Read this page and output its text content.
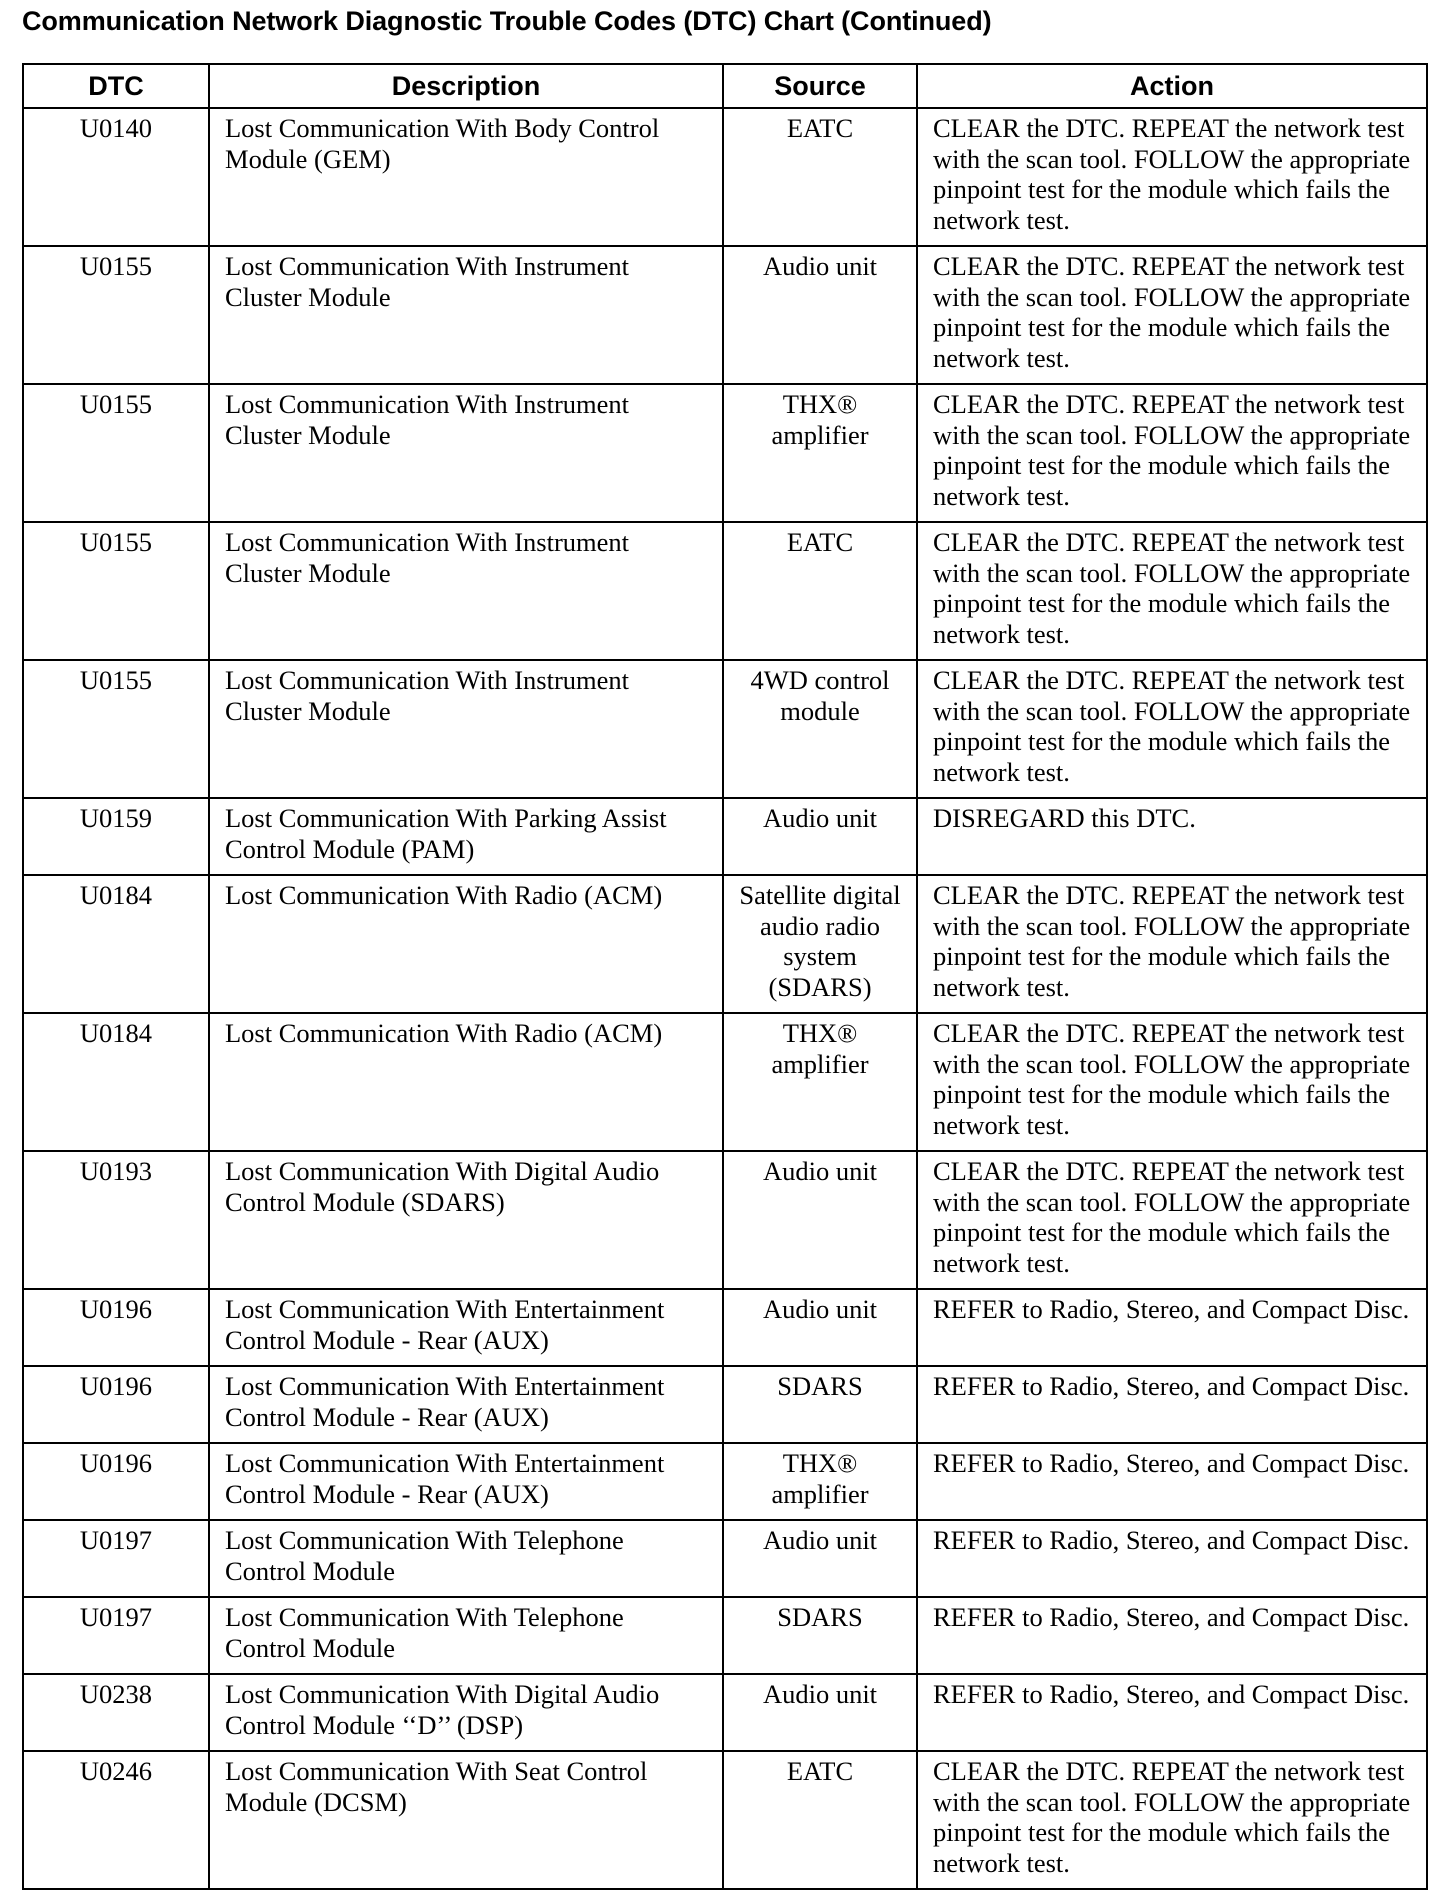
Communication Network Diagnostic Trouble Codes (DTC) Chart (Continued)
DTC	Description	Source	Action
U0140	Lost Communication With Body Control Module (GEM)	EATC	CLEAR the DTC. REPEAT the network test with the scan tool. FOLLOW the appropriate pinpoint test for the module which fails the network test.
U0155	Lost Communication With Instrument Cluster Module	Audio unit	CLEAR the DTC. REPEAT the network test with the scan tool. FOLLOW the appropriate pinpoint test for the module which fails the network test.
U0155	Lost Communication With Instrument Cluster Module	THX® amplifier	CLEAR the DTC. REPEAT the network test with the scan tool. FOLLOW the appropriate pinpoint test for the module which fails the network test.
U0155	Lost Communication With Instrument Cluster Module	EATC	CLEAR the DTC. REPEAT the network test with the scan tool. FOLLOW the appropriate pinpoint test for the module which fails the network test.
U0155	Lost Communication With Instrument Cluster Module	4WD control module	CLEAR the DTC. REPEAT the network test with the scan tool. FOLLOW the appropriate pinpoint test for the module which fails the network test.
U0159	Lost Communication With Parking Assist Control Module (PAM)	Audio unit	DISREGARD this DTC.
U0184	Lost Communication With Radio (ACM)	Satellite digital audio radio system (SDARS)	CLEAR the DTC. REPEAT the network test with the scan tool. FOLLOW the appropriate pinpoint test for the module which fails the network test.
U0184	Lost Communication With Radio (ACM)	THX® amplifier	CLEAR the DTC. REPEAT the network test with the scan tool. FOLLOW the appropriate pinpoint test for the module which fails the network test.
U0193	Lost Communication With Digital Audio Control Module (SDARS)	Audio unit	CLEAR the DTC. REPEAT the network test with the scan tool. FOLLOW the appropriate pinpoint test for the module which fails the network test.
U0196	Lost Communication With Entertainment Control Module - Rear (AUX)	Audio unit	REFER to Radio, Stereo, and Compact Disc.
U0196	Lost Communication With Entertainment Control Module - Rear (AUX)	SDARS	REFER to Radio, Stereo, and Compact Disc.
U0196	Lost Communication With Entertainment Control Module - Rear (AUX)	THX® amplifier	REFER to Radio, Stereo, and Compact Disc.
U0197	Lost Communication With Telephone Control Module	Audio unit	REFER to Radio, Stereo, and Compact Disc.
U0197	Lost Communication With Telephone Control Module	SDARS	REFER to Radio, Stereo, and Compact Disc.
U0238	Lost Communication With Digital Audio Control Module ‘‘D’’ (DSP)	Audio unit	REFER to Radio, Stereo, and Compact Disc.
U0246	Lost Communication With Seat Control Module (DCSM)	EATC	CLEAR the DTC. REPEAT the network test with the scan tool. FOLLOW the appropriate pinpoint test for the module which fails the network test.
